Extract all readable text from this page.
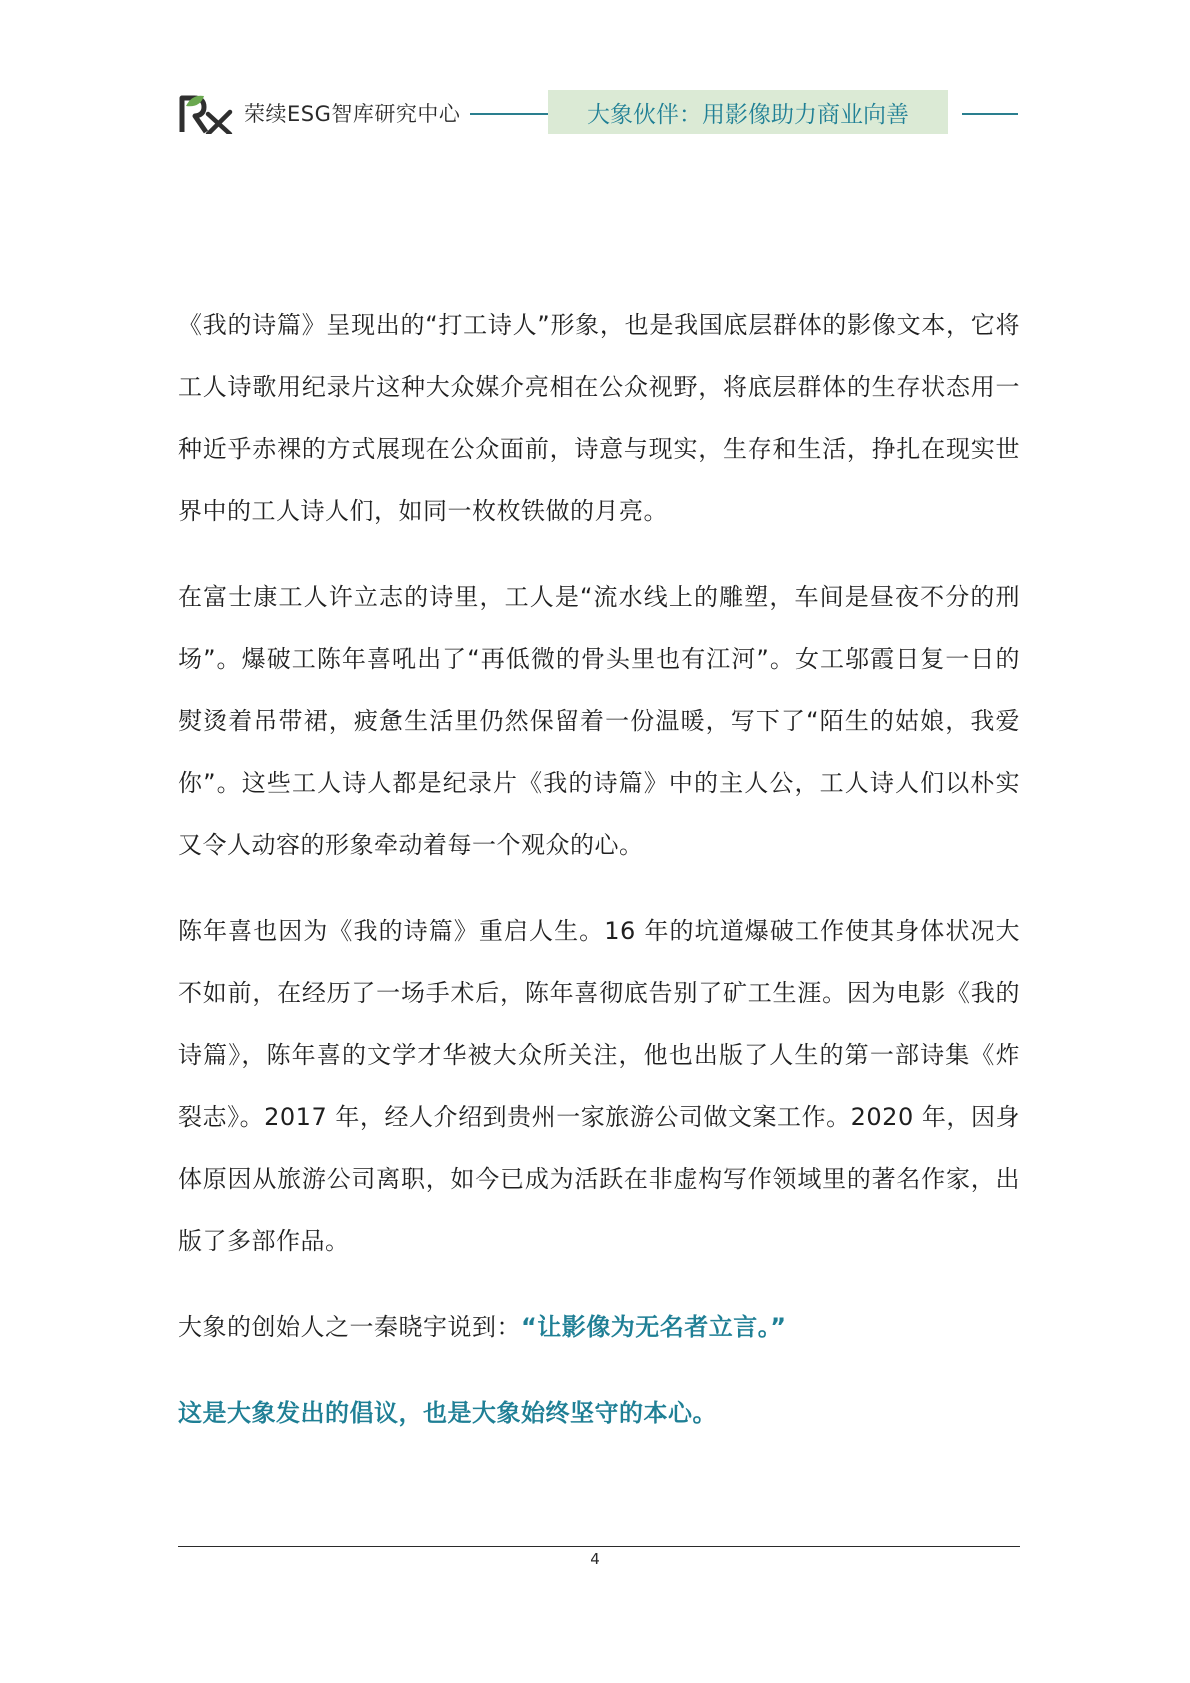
荣续ESG智库研究中心	大象伙伴：用影像助力商业向善

《我的诗篇》呈现出的“打工诗人”形象，也是我国底层群体的影像文本，它将工人诗歌用纪录片这种大众媒介亮相在公众视野，将底层群体的生存状态用一种近乎赤裸的方式展现在公众面前，诗意与现实，生存和生活，挣扎在现实世界中的工人诗人们，如同一枚枚铁做的月亮。

在富士康工人许立志的诗里，工人是“流水线上的雕塑，车间是昼夜不分的刑场”。爆破工陈年喜吼出了“再低微的骨头里也有江河”。女工邬霞日复一日的熨烫着吊带裙，疲惫生活里仍然保留着一份温暖，写下了“陌生的姑娘，我爱你”。这些工人诗人都是纪录片《我的诗篇》中的主人公，工人诗人们以朴实又令人动容的形象牵动着每一个观众的心。

陈年喜也因为《我的诗篇》重启人生。16 年的坑道爆破工作使其身体状况大不如前，在经历了一场手术后，陈年喜彻底告别了矿工生涯。因为电影《我的诗篇》，陈年喜的文学才华被大众所关注，他也出版了人生的第一部诗集《炸裂志》。2017 年，经人介绍到贵州一家旅游公司做文案工作。2020 年，因身体原因从旅游公司离职，如今已成为活跃在非虚构写作领域里的著名作家，出版了多部作品。

大象的创始人之一秦晓宇说到：“让影像为无名者立言。”

这是大象发出的倡议，也是大象始终坚守的本心。

4
